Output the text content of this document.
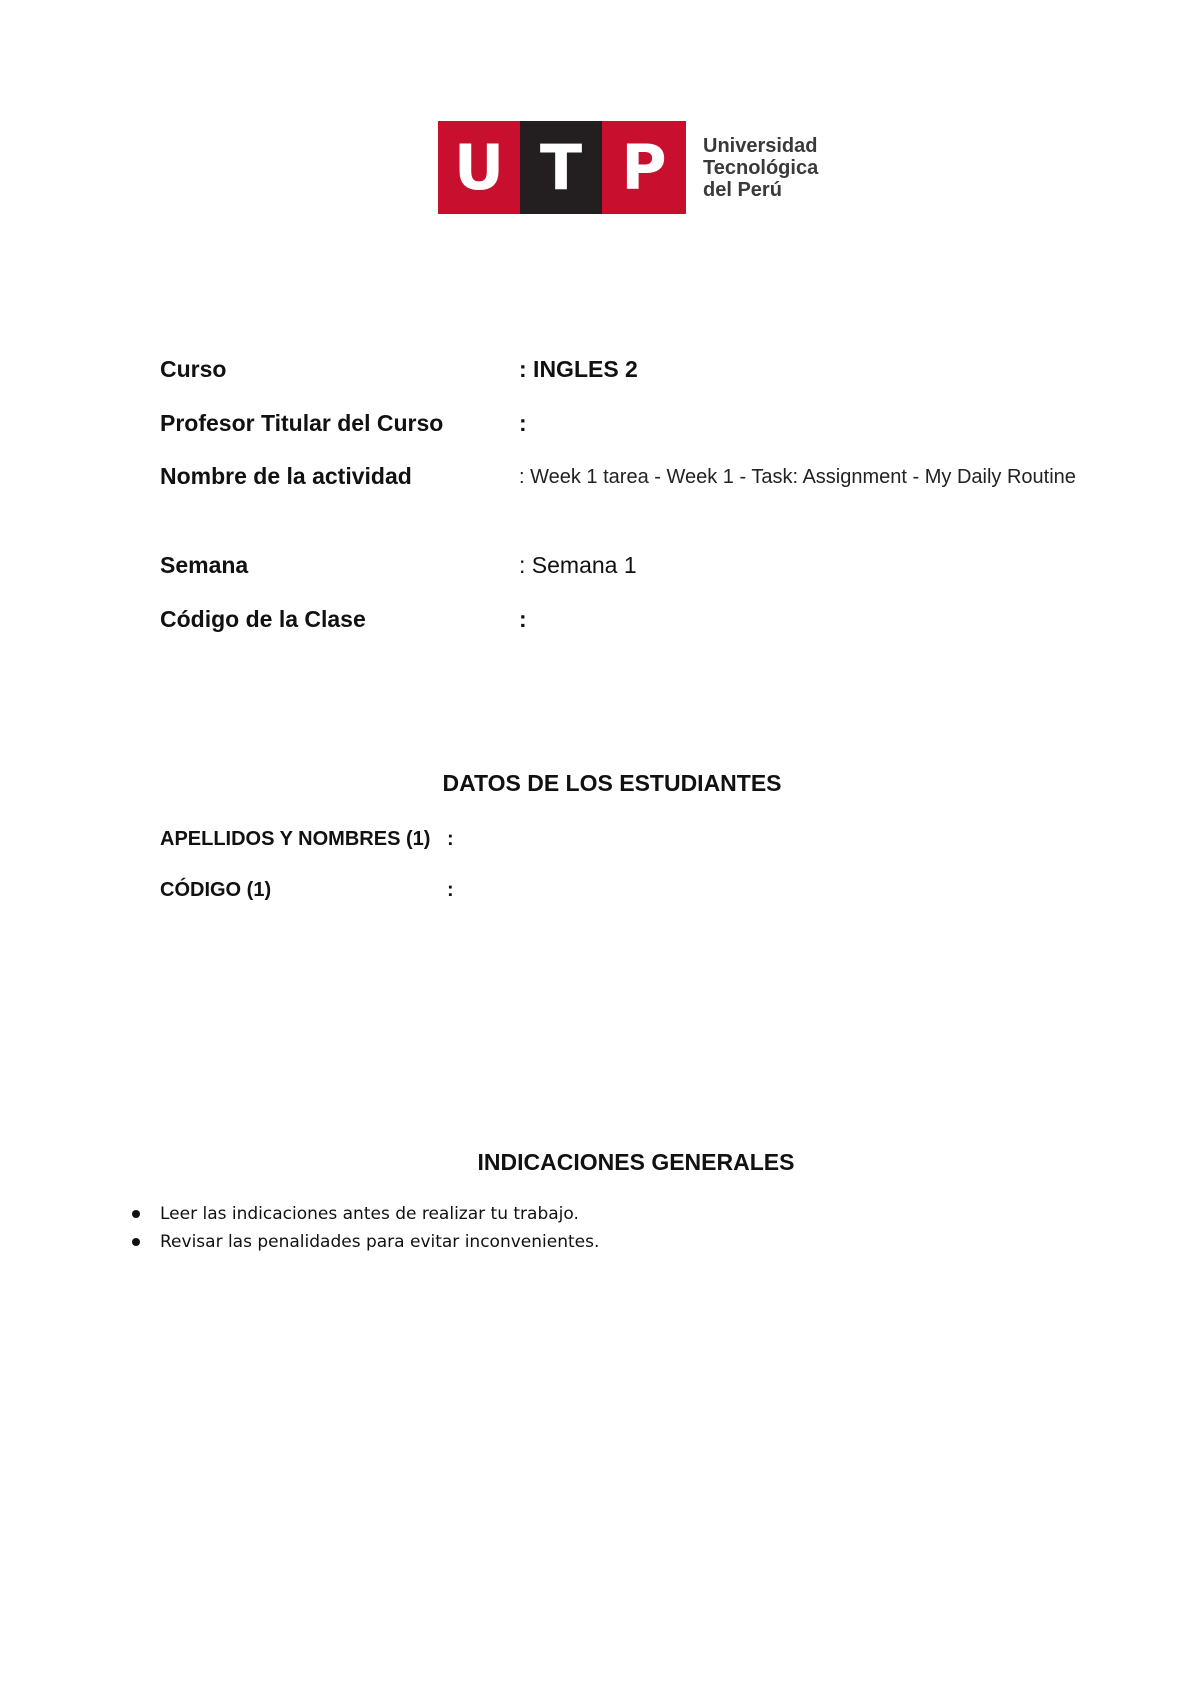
U T P	Universidad
Tecnológica
del Perú
Curso	: INGLES 2
Profesor Titular del Curso	:
Nombre de la actividad	: Week 1 tarea - Week 1 - Task: Assignment - My Daily Routine
Semana	: Semana 1
Código de la Clase	:
DATOS DE LOS ESTUDIANTES
APELLIDOS Y NOMBRES (1) :
CÓDIGO (1)	:
INDICACIONES GENERALES
Leer las indicaciones antes de realizar tu trabajo.
Revisar las penalidades para evitar inconvenientes.
